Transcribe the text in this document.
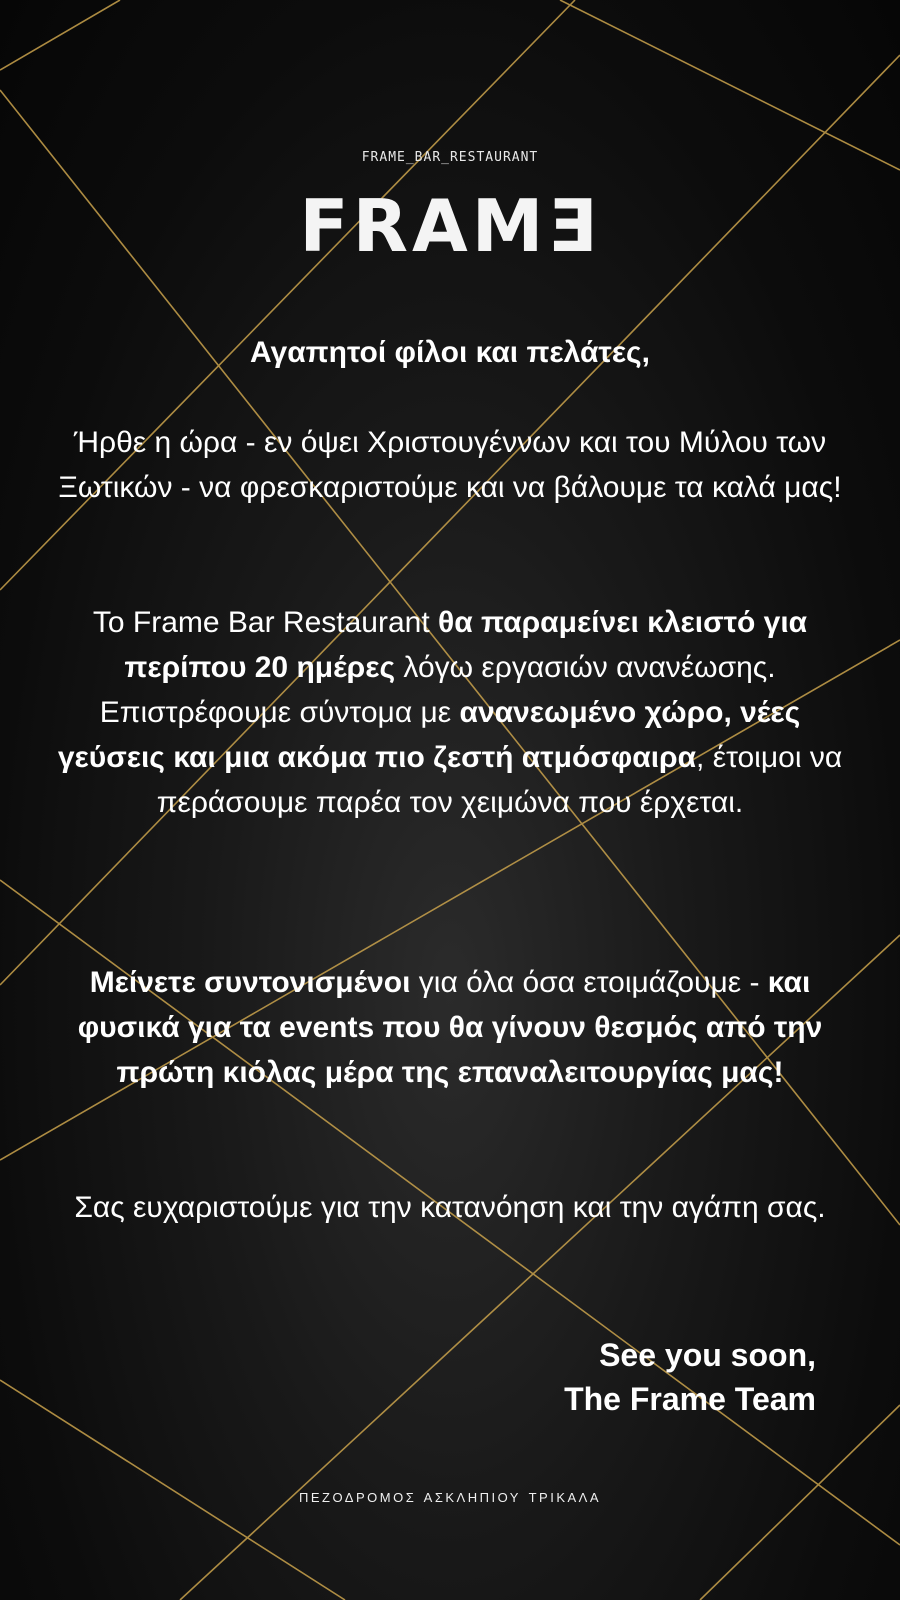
FRAME_BAR_RESTAURANT
FRAMƎ
Αγαπητοί φίλοι και πελάτες,
Ήρθε η ώρα - εν όψει Χριστουγέννων και του Μύλου των Ξωτικών - να φρεσκαριστούμε και να βάλουμε τα καλά μας!
Το Frame Bar Restaurant θα παραμείνει κλειστό για περίπου 20 ημέρες λόγω εργασιών ανανέωσης. Επιστρέφουμε σύντομα με ανανεωμένο χώρο, νέες γεύσεις και μια ακόμα πιο ζεστή ατμόσφαιρα, έτοιμοι να περάσουμε παρέα τον χειμώνα που έρχεται.
Μείνετε συντονισμένοι για όλα όσα ετοιμάζουμε - και φυσικά για τα events που θα γίνουν θεσμός από την πρώτη κιόλας μέρα της επαναλειτουργίας μας!
Σας ευχαριστούμε για την κατανόηση και την αγάπη σας.
See you soon,
The Frame Team
ΠΕΖΟΔΡΟΜΟΣ ΑΣΚΛΗΠΙΟΥ ΤΡΙΚΑΛΑ
